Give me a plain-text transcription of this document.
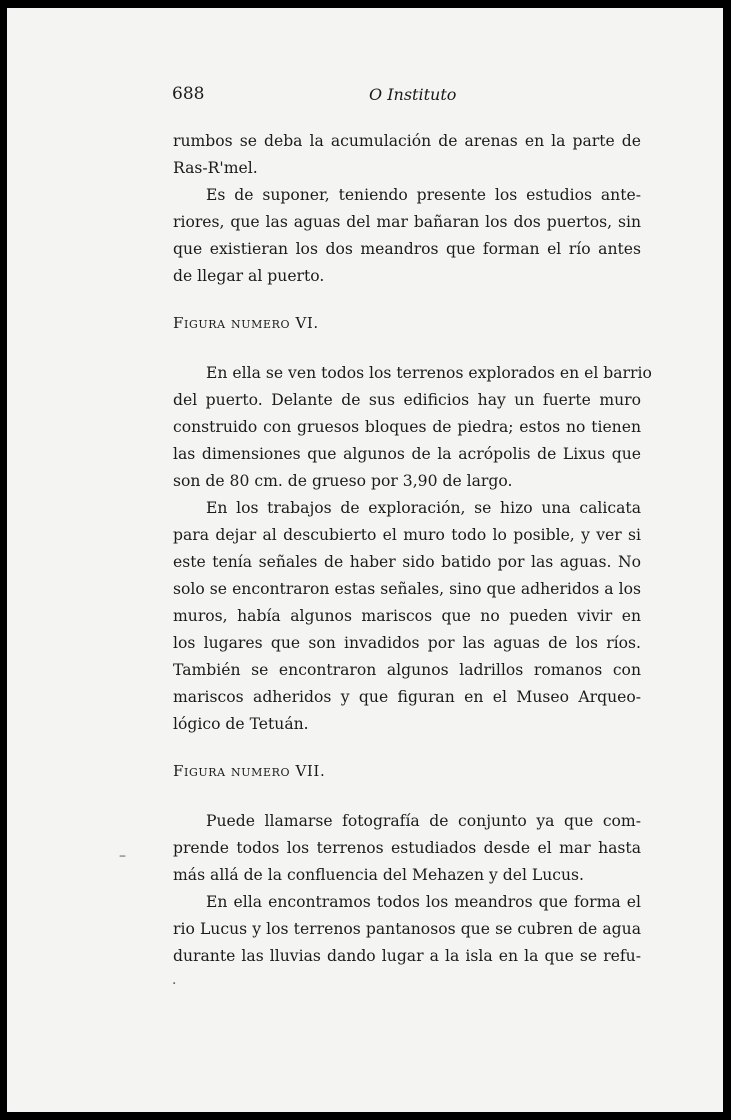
688	O Instituto
rumbos se deba la acumulación de arenas en la parte de
Ras-R'mel.
Es de suponer, teniendo presente los estudios ante-
riores, que las aguas del mar bañaran los dos puertos, sin
que existieran los dos meandros que forman el río antes
de llegar al puerto.
Figura numero VI.
En ella se ven todos los terrenos explorados en el barrio
del puerto. Delante de sus edificios hay un fuerte muro
construido con gruesos bloques de piedra; estos no tienen
las dimensiones que algunos de la acrópolis de Lixus que
son de 80 cm. de grueso por 3,90 de largo.
En los trabajos de exploración, se hizo una calicata
para dejar al descubierto el muro todo lo posible, y ver si
este tenía señales de haber sido batido por las aguas. No
solo se encontraron estas señales, sino que adheridos a los
muros, había algunos mariscos que no pueden vivir en
los lugares que son invadidos por las aguas de los ríos.
También se encontraron algunos ladrillos romanos con
mariscos adheridos y que figuran en el Museo Arqueo-
lógico de Tetuán.
Figura numero VII.
Puede llamarse fotografía de conjunto ya que com-
prende todos los terrenos estudiados desde el mar hasta
más allá de la confluencia del Mehazen y del Lucus.
En ella encontramos todos los meandros que forma el
rio Lucus y los terrenos pantanosos que se cubren de agua
durante las lluvias dando lugar a la isla en la que se refu-
–
·
